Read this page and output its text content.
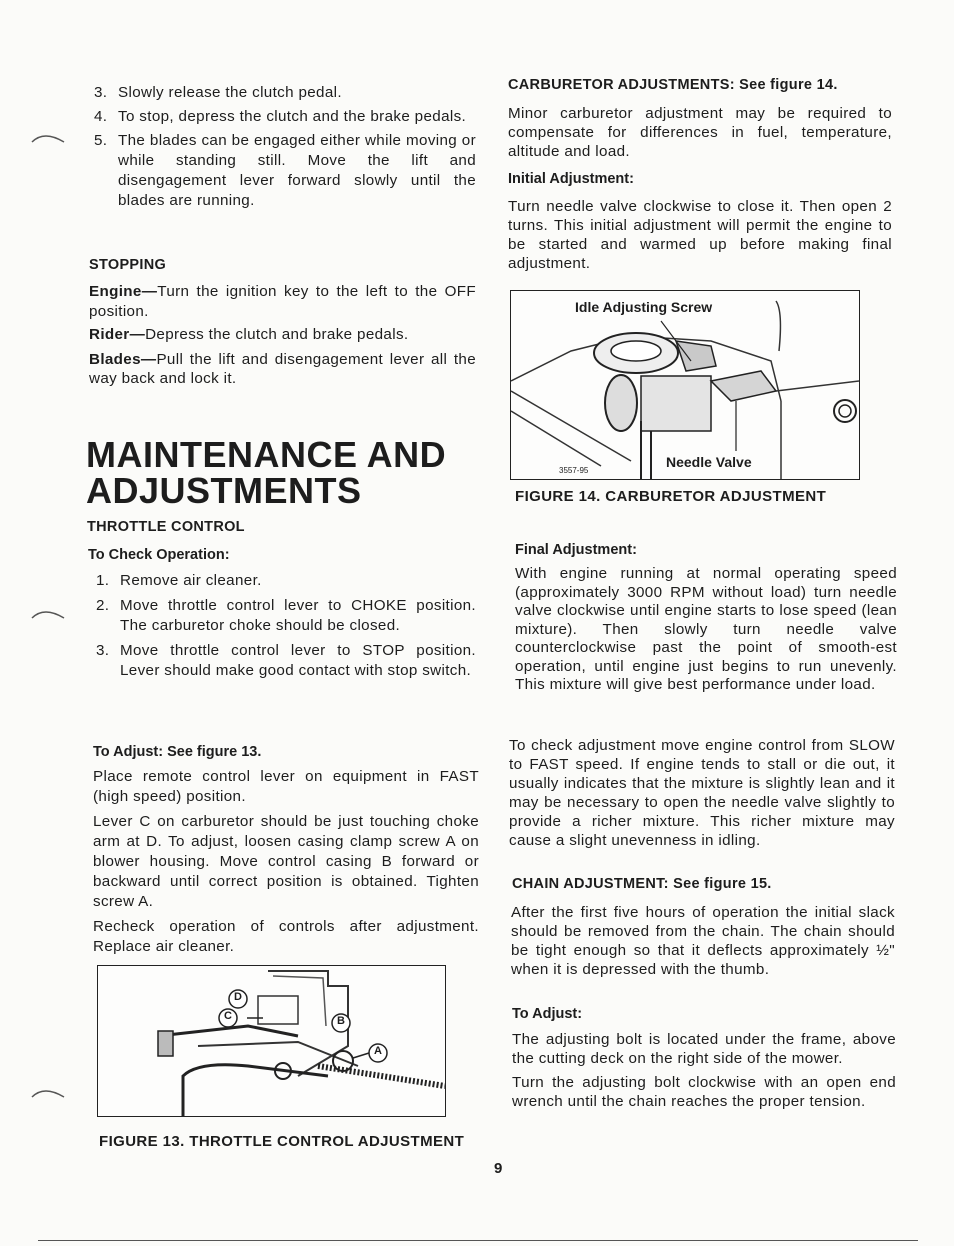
3. Slowly release the clutch pedal.
4. To stop, depress the clutch and the brake pedals.
5. The blades can be engaged either while moving or while standing still. Move the lift and disengagement lever forward slowly until the blades are running.
STOPPING

Engine—Turn the ignition key to the left to the OFF position.

Rider—Depress the clutch and brake pedals.

Blades—Pull the lift and disengagement lever all the way back and lock it.

MAINTENANCE AND
ADJUSTMENTS
THROTTLE CONTROL
To Check Operation:
1. Remove air cleaner.
2. Move throttle control lever to CHOKE position. The carburetor choke should be closed.
3. Move throttle control lever to STOP position. Lever should make good contact with stop switch.
To Adjust: See figure 13.

Place remote control lever on equipment in FAST (high speed) position.

Lever C on carburetor should be just touching choke arm at D. To adjust, loosen casing clamp screw A on blower housing. Move control casing B forward or backward until correct position is obtained. Tighten screw A.

Recheck operation of controls after adjustment. Replace air cleaner.

D
C	B
A
FIGURE 13. THROTTLE CONTROL ADJUSTMENT
CARBURETOR ADJUSTMENTS: See figure 14.

Minor carburetor adjustment may be required to compensate for differences in fuel, temperature, altitude and load.

Initial Adjustment:

Turn needle valve clockwise to close it. Then open 2 turns. This initial adjustment will permit the engine to be started and warmed up before making final adjustment.

Idle Adjusting Screw
Needle Valve
3557-95
FIGURE 14. CARBURETOR ADJUSTMENT
Final Adjustment:

With engine running at normal operating speed (approximately 3000 RPM without load) turn needle valve clockwise until engine starts to lose speed (lean mixture). Then slowly turn needle valve counterclockwise past the point of smooth-est operation, until engine just begins to run unevenly. This mixture will give best performance under load.

To check adjustment move engine control from SLOW to FAST speed. If engine tends to stall or die out, it usually indicates that the mixture is slightly lean and it may be necessary to open the needle valve slightly to provide a richer mixture. This richer mixture may cause a slight unevenness in idling.

CHAIN ADJUSTMENT: See figure 15.

After the first five hours of operation the initial slack should be removed from the chain. The chain should be tight enough so that it deflects approximately ½" when it is depressed with the thumb.

To Adjust:

The adjusting bolt is located under the frame, above the cutting deck on the right side of the mower.

Turn the adjusting bolt clockwise with an open end wrench until the chain reaches the proper tension.

9
